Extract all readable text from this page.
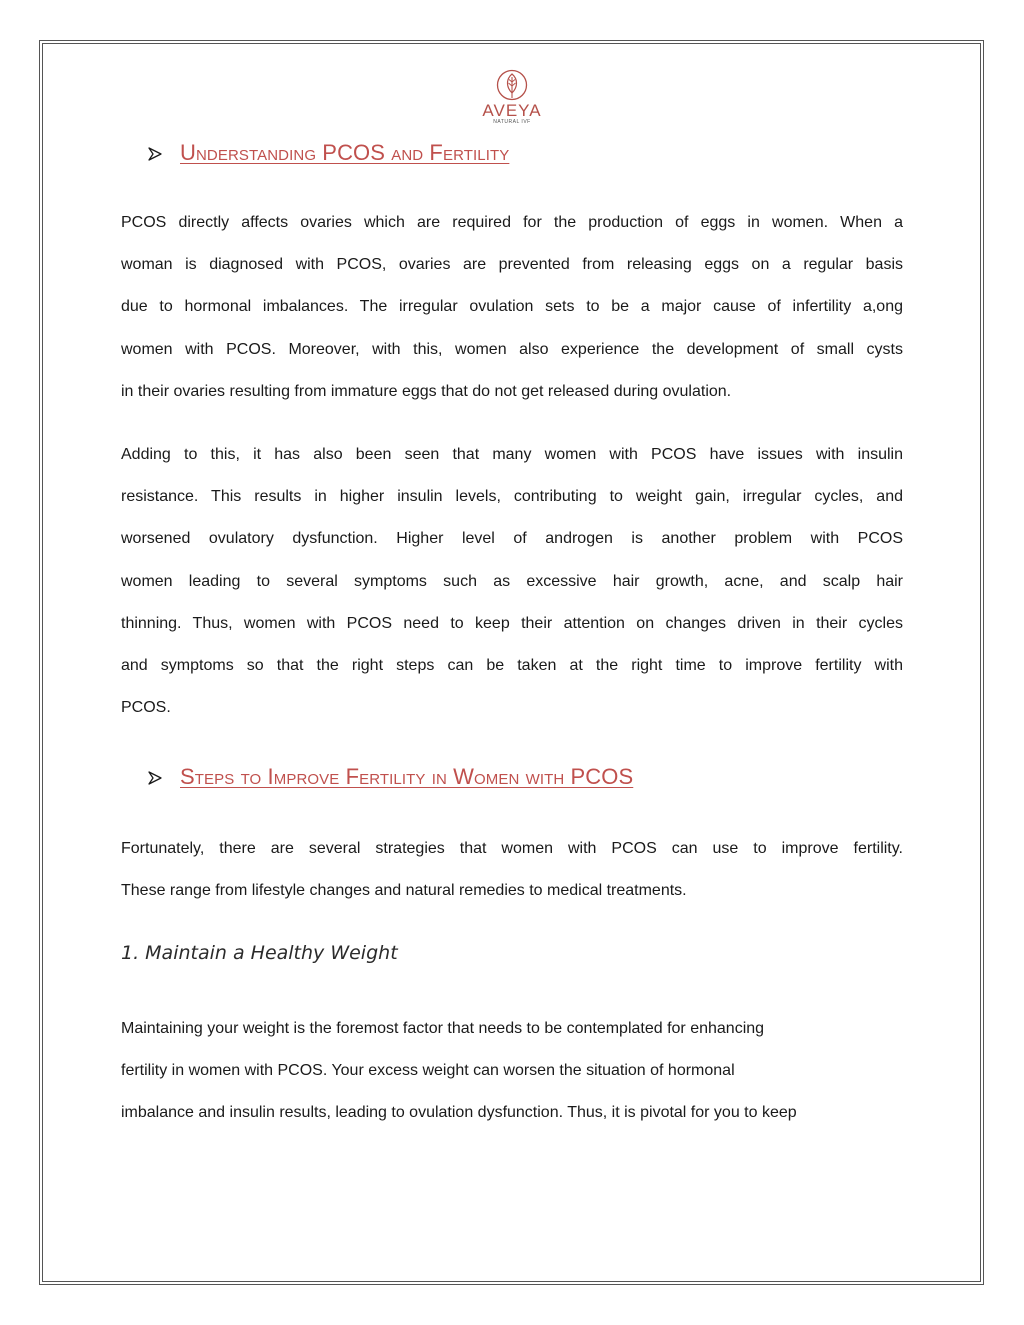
AVEYA
NATURAL IVF
Understanding PCOS and Fertility
PCOS directly affects ovaries which are required for the production of eggs in women. When a
woman is diagnosed with PCOS, ovaries are prevented from releasing eggs on a regular basis
due to hormonal imbalances. The irregular ovulation sets to be a major cause of infertility a,ong
women with PCOS. Moreover, with this, women also experience the development of small cysts
in their ovaries resulting from immature eggs that do not get released during ovulation.
Adding to this, it has also been seen that many women with PCOS have issues with insulin
resistance. This results in higher insulin levels, contributing to weight gain, irregular cycles, and
worsened ovulatory dysfunction. Higher level of androgen is another problem with PCOS
women leading to several symptoms such as excessive hair growth, acne, and scalp hair
thinning. Thus, women with PCOS need to keep their attention on changes driven in their cycles
and symptoms so that the right steps can be taken at the right time to improve fertility with
PCOS.
Steps to Improve Fertility in Women with PCOS
Fortunately, there are several strategies that women with PCOS can use to improve fertility.
These range from lifestyle changes and natural remedies to medical treatments.
1. Maintain a Healthy Weight
Maintaining your weight is the foremost factor that needs to be contemplated for enhancing
fertility in women with PCOS. Your excess weight can worsen the situation of hormonal
imbalance and insulin results, leading to ovulation dysfunction. Thus, it is pivotal for you to keep
